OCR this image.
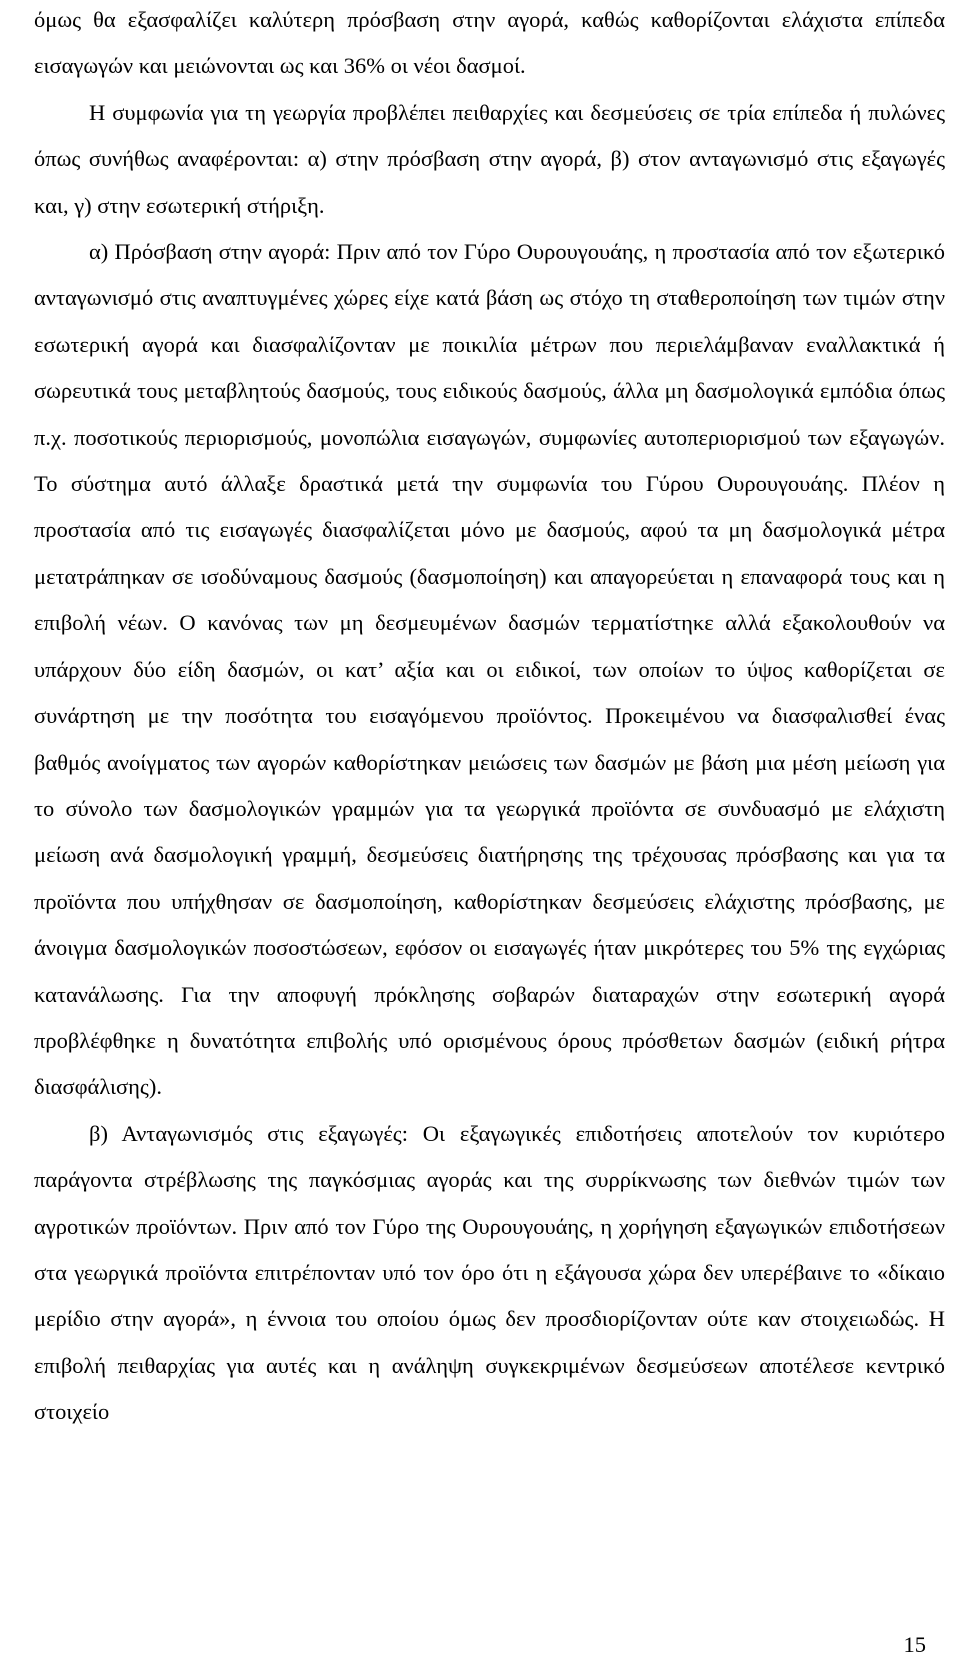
όμως θα εξασφαλίζει καλύτερη πρόσβαση στην αγορά, καθώς καθορίζονται ελάχιστα επίπεδα εισαγωγών και μειώνονται ως και 36% οι νέοι δασμοί.

Η συμφωνία για τη γεωργία προβλέπει πειθαρχίες και δεσμεύσεις σε τρία επίπεδα ή πυλώνες όπως συνήθως αναφέρονται: α) στην πρόσβαση στην αγορά, β) στον ανταγωνισμό στις εξαγωγές και, γ) στην εσωτερική στήριξη.

α) Πρόσβαση στην αγορά: Πριν από τον Γύρο Ουρουγουάης, η προστασία από τον εξωτερικό ανταγωνισμό στις αναπτυγμένες χώρες είχε κατά βάση ως στόχο τη σταθεροποίηση των τιμών στην εσωτερική αγορά και διασφαλίζονταν με ποικιλία μέτρων που περιελάμβαναν εναλλακτικά ή σωρευτικά τους μεταβλητούς δασμούς, τους ειδικούς δασμούς, άλλα μη δασμολογικά εμπόδια όπως π.χ. ποσοτικούς περιορισμούς, μονοπώλια εισαγωγών, συμφωνίες αυτοπεριορισμού των εξαγωγών. Το σύστημα αυτό άλλαξε δραστικά μετά την συμφωνία του Γύρου Ουρουγουάης. Πλέον η προστασία από τις εισαγωγές διασφαλίζεται μόνο με δασμούς, αφού τα μη δασμολογικά μέτρα μετατράπηκαν σε ισοδύναμους δασμούς (δασμοποίηση) και απαγορεύεται η επαναφορά τους και η επιβολή νέων. Ο κανόνας των μη δεσμευμένων δασμών τερματίστηκε αλλά εξακολουθούν να υπάρχουν δύο είδη δασμών, οι κατ’ αξία και οι ειδικοί, των οποίων το ύψος καθορίζεται σε συνάρτηση με την ποσότητα του εισαγόμενου προϊόντος. Προκειμένου να διασφαλισθεί ένας βαθμός ανοίγματος των αγορών καθορίστηκαν μειώσεις των δασμών με βάση μια μέση μείωση για το σύνολο των δασμολογικών γραμμών για τα γεωργικά προϊόντα σε συνδυασμό με ελάχιστη μείωση ανά δασμολογική γραμμή, δεσμεύσεις διατήρησης της τρέχουσας πρόσβασης και για τα προϊόντα που υπήχθησαν σε δασμοποίηση, καθορίστηκαν δεσμεύσεις ελάχιστης πρόσβασης, με άνοιγμα δασμολογικών ποσοστώσεων, εφόσον οι εισαγωγές ήταν μικρότερες του 5% της εγχώριας κατανάλωσης. Για την αποφυγή πρόκλησης σοβαρών διαταραχών στην εσωτερική αγορά προβλέφθηκε η δυνατότητα επιβολής υπό ορισμένους όρους πρόσθετων δασμών (ειδική ρήτρα διασφάλισης).

β) Ανταγωνισμός στις εξαγωγές: Οι εξαγωγικές επιδοτήσεις αποτελούν τον κυριότερο παράγοντα στρέβλωσης της παγκόσμιας αγοράς και της συρρίκνωσης των διεθνών τιμών των αγροτικών προϊόντων. Πριν από τον Γύρο της Ουρουγουάης, η χορήγηση εξαγωγικών επιδοτήσεων στα γεωργικά προϊόντα επιτρέπονταν υπό τον όρο ότι η εξάγουσα χώρα δεν υπερέβαινε το «δίκαιο μερίδιο στην αγορά», η έννοια του οποίου όμως δεν προσδιορίζονταν ούτε καν στοιχειωδώς. Η επιβολή πειθαρχίας για αυτές και η ανάληψη συγκεκριμένων δεσμεύσεων αποτέλεσε κεντρικό στοιχείο

15
